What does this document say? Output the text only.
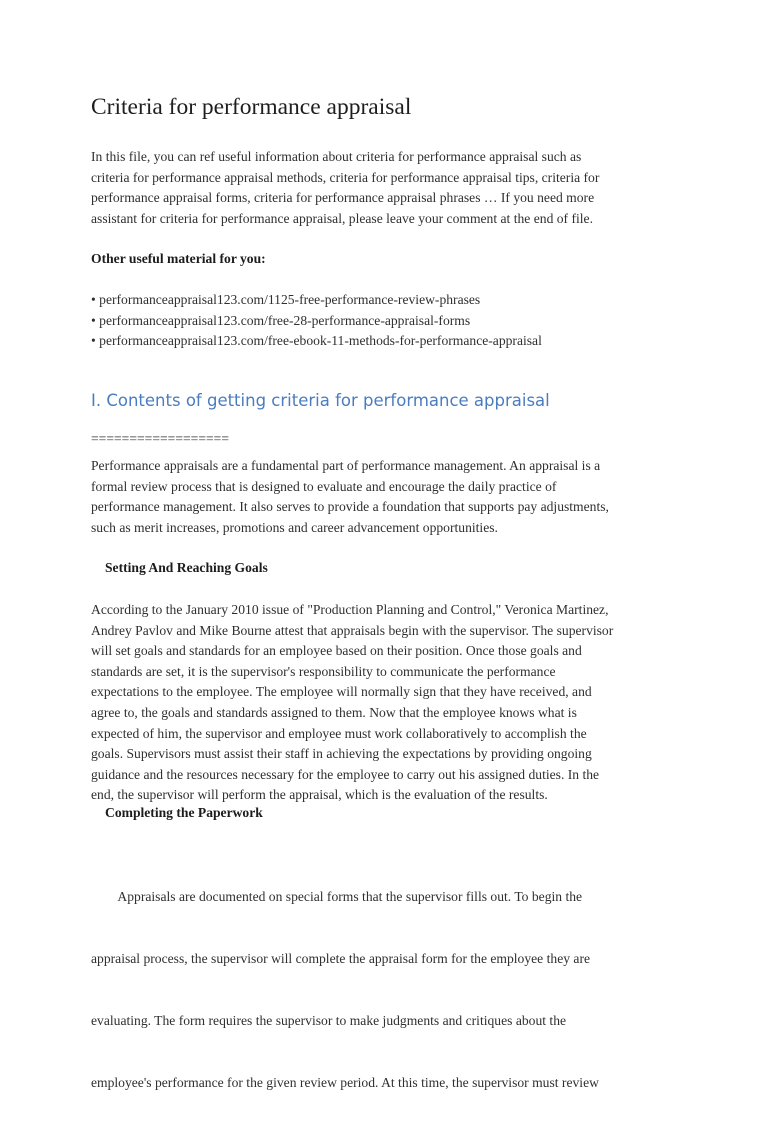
Criteria for performance appraisal
In this file, you can ref useful information about criteria for performance appraisal such as
criteria for performance appraisal methods, criteria for performance appraisal tips, criteria for
performance appraisal forms, criteria for performance appraisal phrases … If you need more
assistant for criteria for performance appraisal, please leave your comment at the end of file.

Other useful material for you:

• performanceappraisal123.com/1125-free-performance-review-phrases
• performanceappraisal123.com/free-28-performance-appraisal-forms
• performanceappraisal123.com/free-ebook-11-methods-for-performance-appraisal
I. Contents of getting criteria for performance appraisal

==================

Performance appraisals are a fundamental part of performance management. An appraisal is a
formal review process that is designed to evaluate and encourage the daily practice of
performance management. It also serves to provide a foundation that supports pay adjustments,
such as merit increases, promotions and career advancement opportunities.

Setting And Reaching Goals

According to the January 2010 issue of "Production Planning and Control," Veronica Martinez,
Andrey Pavlov and Mike Bourne attest that appraisals begin with the supervisor. The supervisor
will set goals and standards for an employee based on their position. Once those goals and
standards are set, it is the supervisor's responsibility to communicate the performance
expectations to the employee. The employee will normally sign that they have received, and
agree to, the goals and standards assigned to them. Now that the employee knows what is
expected of him, the supervisor and employee must work collaboratively to accomplish the
goals. Supervisors must assist their staff in achieving the expectations by providing ongoing
guidance and the resources necessary for the employee to carry out his assigned duties. In the
end, the supervisor will perform the appraisal, which is the evaluation of the results.

Completing the Paperwork

Appraisals are documented on special forms that the supervisor fills out. To begin the

appraisal process, the supervisor will complete the appraisal form for the employee they are

evaluating. The form requires the supervisor to make judgments and critiques about the

employee's performance for the given review period. At this time, the supervisor must review
